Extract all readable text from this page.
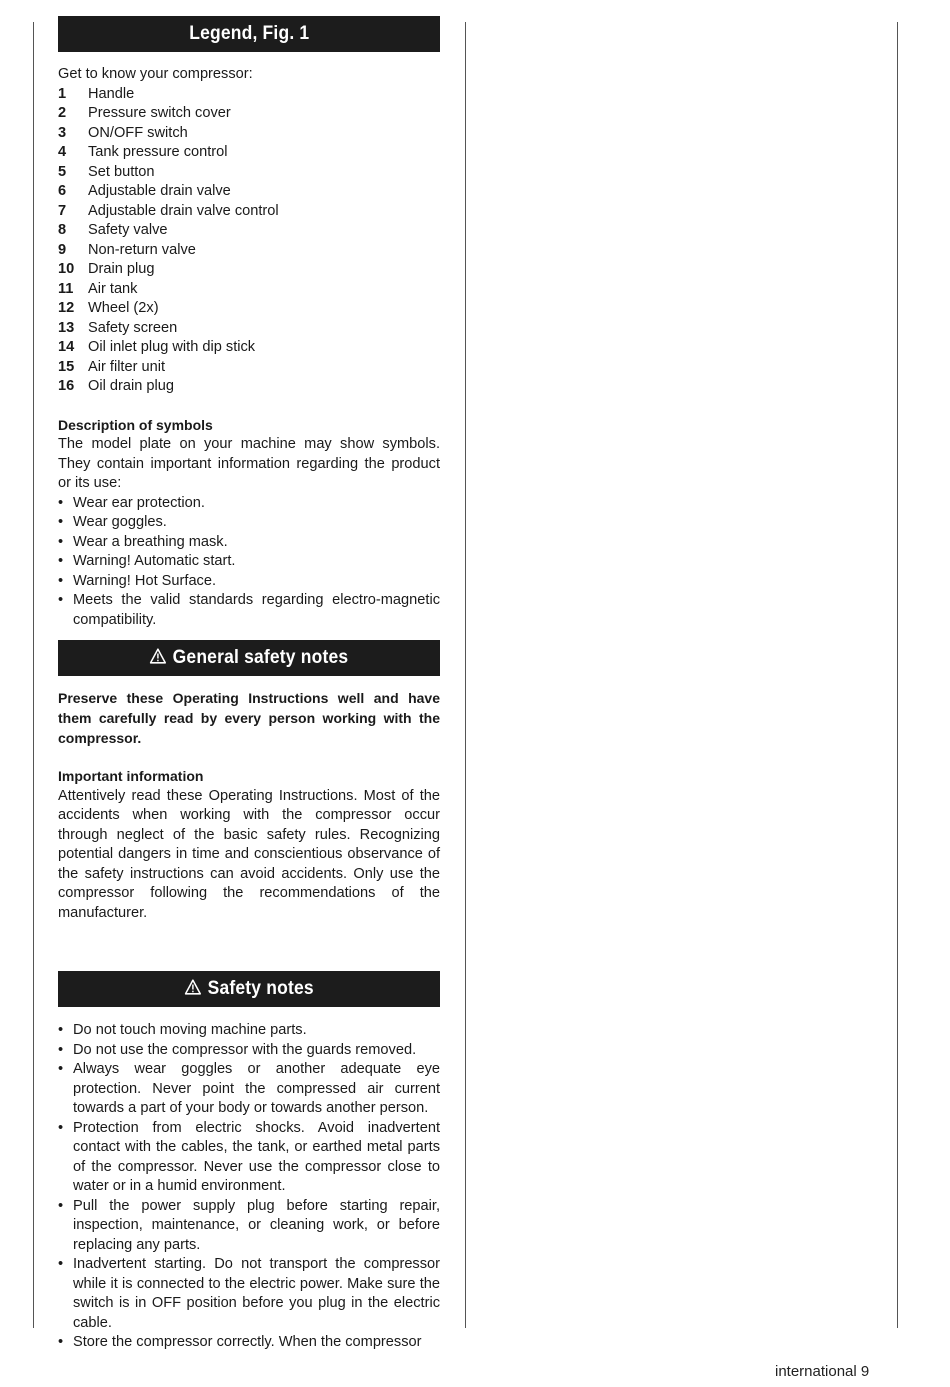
Legend, Fig. 1

Get to know your compressor:

1	Handle
2	Pressure switch cover
3	ON/OFF switch
4	Tank pressure control
5	Set button
6	Adjustable drain valve
7	Adjustable drain valve control
8	Safety valve
9	Non-return valve
10 Drain plug
11 Air tank
12 Wheel (2x)
13 Safety screen
14 Oil inlet plug with dip stick
15 Air filter unit
16 Oil drain plug

Description of symbols

The model plate on your machine may show symbols. They contain important information regarding the product or its use:

• Wear ear protection.
• Wear goggles.
• Wear a breathing mask.
• Warning! Automatic start.
• Warning! Hot Surface.
• Meets the valid standards regarding electro-magnetic compatibility.
General safety notes

Preserve these Operating Instructions well and have them carefully read by every person working with the compressor.

Important information

Attentively read these Operating Instructions. Most of the accidents when working with the compressor occur through neglect of the basic safety rules. Recognizing potential dangers in time and conscientious observance of the safety instructions can avoid accidents. Only use the compressor following the recommendations of the manufacturer.

Safety notes
• Do not touch moving machine parts.
• Do not use the compressor with the guards removed.
• Always wear goggles or another adequate eye protection. Never point the compressed air current towards a part of your body or towards another person.
• Protection from electric shocks. Avoid inadvertent contact with the cables, the tank, or earthed metal parts of the compressor. Never use the compressor close to water or in a humid environment.
• Pull the power supply plug before starting repair, inspection, maintenance, or cleaning work, or before replacing any parts.
• Inadvertent starting. Do not transport the compressor while it is connected to the electric power. Make sure the switch is in OFF position before you plug in the electric cable.
• Store the compressor correctly. When the compressor
international 9
